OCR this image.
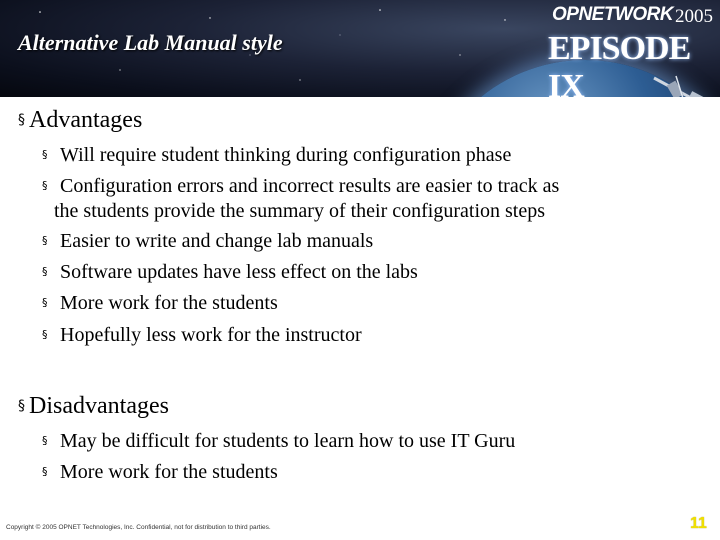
Alternative Lab Manual style
OPNETWORK 2005
EPISODE IX
§ Advantages
§ Will require student thinking during configuration phase
§ Configuration errors and incorrect results are easier to track as
the students provide the summary of their configuration steps
§ Easier to write and change lab manuals
§ Software updates have less effect on the labs
§ More work for the students
§ Hopefully less work for the instructor
§ Disadvantages
§ May be difficult for students to learn how to use IT Guru
§ More work for the students
Copyright © 2005 OPNET Technologies, Inc. Confidential, not for distribution to third parties.	11
